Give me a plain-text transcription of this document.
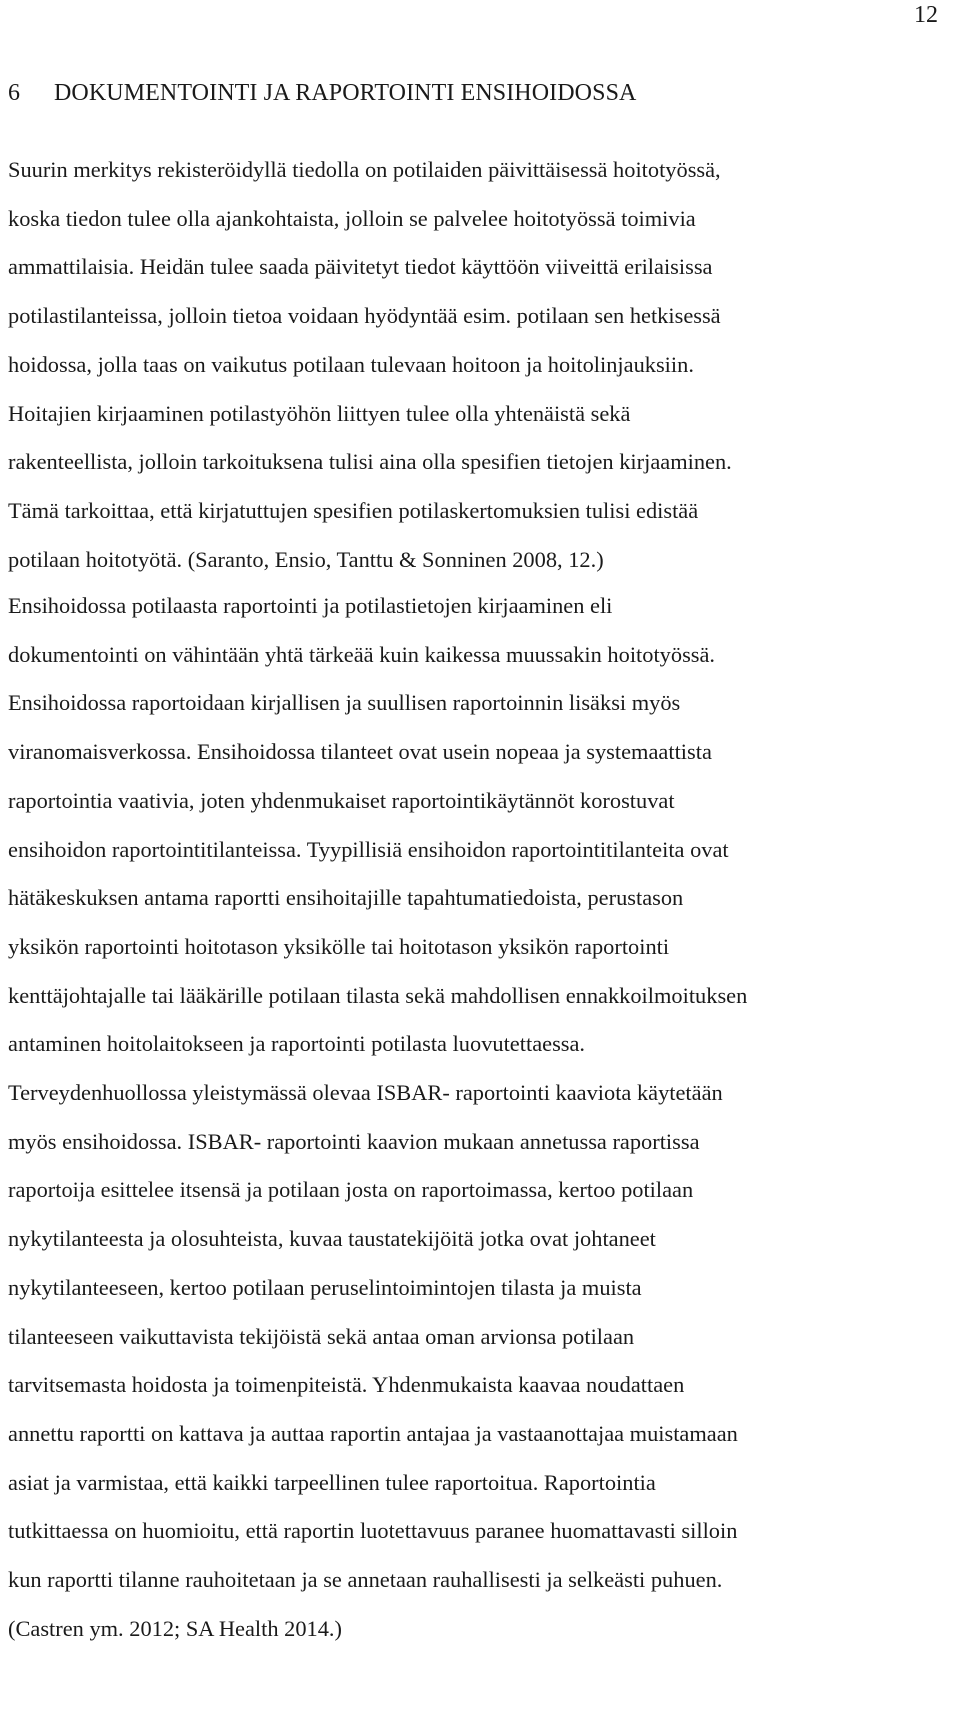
12
6 DOKUMENTOINTI JA RAPORTOINTI ENSIHOIDOSSA

Suurin merkitys rekisteröidyllä tiedolla on potilaiden päivittäisessä hoitotyössä,
koska tiedon tulee olla ajankohtaista, jolloin se palvelee hoitotyössä toimivia
ammattilaisia. Heidän tulee saada päivitetyt tiedot käyttöön viiveittä erilaisissa
potilastilanteissa, jolloin tietoa voidaan hyödyntää esim. potilaan sen hetkisessä
hoidossa, jolla taas on vaikutus potilaan tulevaan hoitoon ja hoitolinjauksiin.
Hoitajien kirjaaminen potilastyöhön liittyen tulee olla yhtenäistä sekä
rakenteellista, jolloin tarkoituksena tulisi aina olla spesifien tietojen kirjaaminen.
Tämä tarkoittaa, että kirjatuttujen spesifien potilaskertomuksien tulisi edistää
potilaan hoitotyötä. (Saranto, Ensio, Tanttu & Sonninen 2008, 12.)

Ensihoidossa potilaasta raportointi ja potilastietojen kirjaaminen eli
dokumentointi on vähintään yhtä tärkeää kuin kaikessa muussakin hoitotyössä.
Ensihoidossa raportoidaan kirjallisen ja suullisen raportoinnin lisäksi myös
viranomaisverkossa. Ensihoidossa tilanteet ovat usein nopeaa ja systemaattista
raportointia vaativia, joten yhdenmukaiset raportointikäytännöt korostuvat
ensihoidon raportointitilanteissa. Tyypillisiä ensihoidon raportointitilanteita ovat
hätäkeskuksen antama raportti ensihoitajille tapahtumatiedoista, perustason
yksikön raportointi hoitotason yksikölle tai hoitotason yksikön raportointi
kenttäjohtajalle tai lääkärille potilaan tilasta sekä mahdollisen ennakkoilmoituksen
antaminen hoitolaitokseen ja raportointi potilasta luovutettaessa.
Terveydenhuollossa yleistymässä olevaa ISBAR- raportointi kaaviota käytetään
myös ensihoidossa. ISBAR- raportointi kaavion mukaan annetussa raportissa
raportoija esittelee itsensä ja potilaan josta on raportoimassa, kertoo potilaan
nykytilanteesta ja olosuhteista, kuvaa taustatekijöitä jotka ovat johtaneet
nykytilanteeseen, kertoo potilaan peruselintoimintojen tilasta ja muista
tilanteeseen vaikuttavista tekijöistä sekä antaa oman arvionsa potilaan
tarvitsemasta hoidosta ja toimenpiteistä. Yhdenmukaista kaavaa noudattaen
annettu raportti on kattava ja auttaa raportin antajaa ja vastaanottajaa muistamaan
asiat ja varmistaa, että kaikki tarpeellinen tulee raportoitua. Raportointia
tutkittaessa on huomioitu, että raportin luotettavuus paranee huomattavasti silloin
kun raportti tilanne rauhoitetaan ja se annetaan rauhallisesti ja selkeästi puhuen.
(Castren ym. 2012; SA Health 2014.)
